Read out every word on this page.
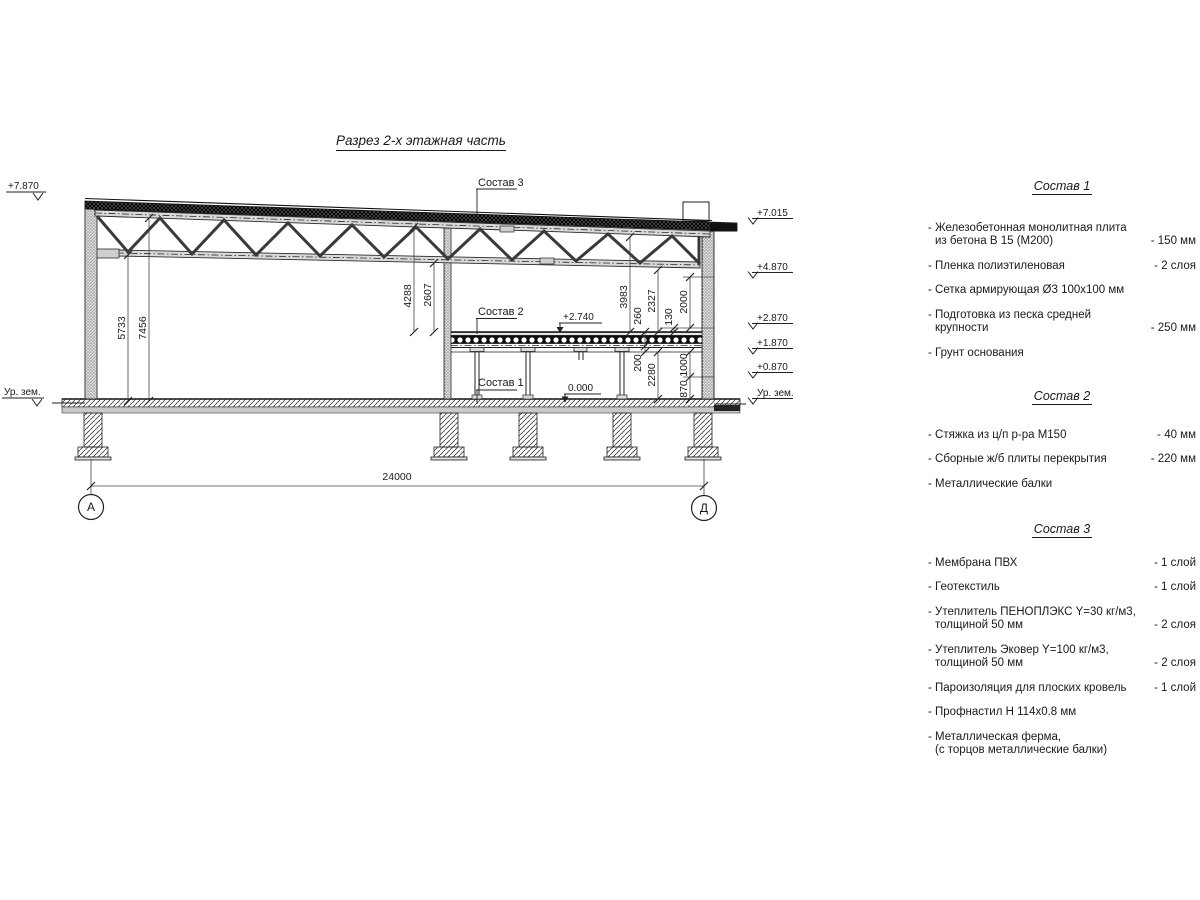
Разрез 2-х этажная часть
5733 7456
4288 2607	3983 2327
260 130
2000
200
2280 1000
870
24000
+7.870
Ур. зем.
+7.015
+4.870
+2.870
+1.870
+0.870
Ур. зем.
+2.740
0.000
Состав 3
Состав 2
Состав 1
А	Д
Состав 1
- Железобетонная монолитная плита
из бетона В 15 (М200)	- 150 мм
- Пленка полиэтиленовая	- 2 слоя
- Сетка армирующая Ø3 100х100 мм
- Подготовка из песка средней
крупности	- 250 мм
- Грунт основания
Состав 2
- Стяжка из ц/п р-ра М150	- 40 мм
- Сборные ж/б плиты перекрытия	- 220 мм
- Металлические балки
Состав 3
- Мембрана ПВХ	- 1 слой
- Геотекстиль	- 1 слой
- Утеплитель ПЕНОПЛЭКС Y=30 кг/м3,
толщиной 50 мм	- 2 слоя
- Утеплитель Эковер Y=100 кг/м3,
толщиной 50 мм	- 2 слоя
- Пароизоляция для плоских кровель	- 1 слой
- Профнастил Н 114х0.8 мм
- Металлическая ферма,
(с торцов металлические балки)
